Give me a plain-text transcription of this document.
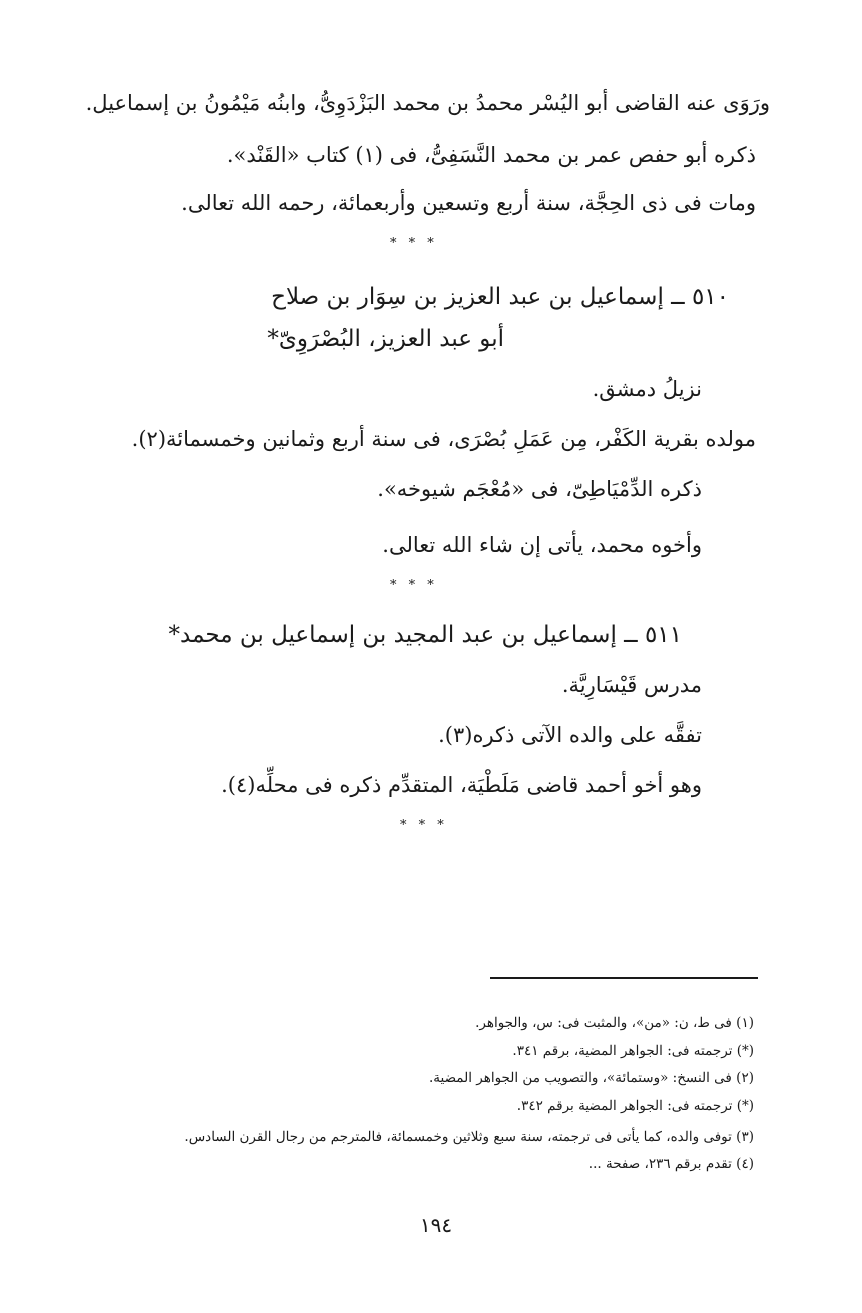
ورَوَى عنه القاضى أبو اليُسْر محمدُ بن محمد البَزْدَوِىُّ، وابنُه مَيْمُونُ بن إسماعيل.
ذكره أبو حفص عمر بن محمد النَّسَفِىُّ، فى (١) كتاب «القَنْد».
ومات فى ذى الحِجَّة، سنة أربع وتسعين وأربعمائة، رحمه الله تعالى.
* * *
٥١٠ ــ إسماعيل بن عبد العزيز بن سِوَار بن صلاح
أبو عبد العزيز، البُصْرَوِىّ*
نزيلُ دمشق.
مولده بقرية الكَفْر، مِن عَمَلِ بُصْرَى، فى سنة أربع وثمانين وخمسمائة(٢).
ذكره الدِّمْيَاطِىّ، فى «مُعْجَم شيوخه».
وأخوه محمد، يأتى إن شاء الله تعالى.
* * *
٥١١ ــ إسماعيل بن عبد المجيد بن إسماعيل بن محمد*
مدرس قَيْسَارِيَّة.
تفقَّه على والده الآتى ذكره(٣).
وهو أخو أحمد قاضى مَلَطْيَة، المتقدِّم ذكره فى محلِّه(٤).
* * *
(١) فى ط، ن: «من»، والمثبت فى: س، والجواهر.
(*) ترجمته فى: الجواهر المضية، برقم ٣٤١.
(٢) فى النسخ: «وستمائة»، والتصويب من الجواهر المضية.
(*) ترجمته فى: الجواهر المضية برقم ٣٤٢.
(٣) توفى والده، كما يأتى فى ترجمته، سنة سبع وثلاثين وخمسمائة، فالمترجم من رجال القرن السادس.
(٤) تقدم برقم ٢٣٦، صفحة ...
١٩٤
